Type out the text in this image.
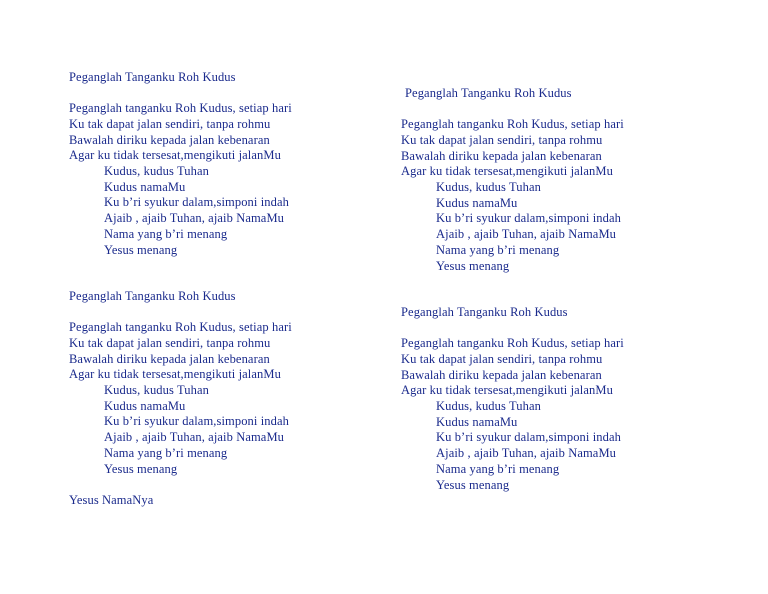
Peganglah Tanganku Roh Kudus
Peganglah tanganku Roh Kudus, setiap hari
Ku tak dapat jalan sendiri, tanpa rohmu
Bawalah diriku kepada jalan kebenaran
Agar ku tidak tersesat,mengikuti jalanMu
Kudus, kudus Tuhan
Kudus namaMu
Ku b’ri syukur dalam,simponi indah
Ajaib , ajaib Tuhan, ajaib NamaMu
Nama yang b’ri menang
Yesus menang
Peganglah Tanganku Roh Kudus
Peganglah tanganku Roh Kudus, setiap hari
Ku tak dapat jalan sendiri, tanpa rohmu
Bawalah diriku kepada jalan kebenaran
Agar ku tidak tersesat,mengikuti jalanMu
Kudus, kudus Tuhan
Kudus namaMu
Ku b’ri syukur dalam,simponi indah
Ajaib , ajaib Tuhan, ajaib NamaMu
Nama yang b’ri menang
Yesus menang
Peganglah Tanganku Roh Kudus
Peganglah tanganku Roh Kudus, setiap hari
Ku tak dapat jalan sendiri, tanpa rohmu
Bawalah diriku kepada jalan kebenaran
Agar ku tidak tersesat,mengikuti jalanMu
Kudus, kudus Tuhan
Kudus namaMu
Ku b’ri syukur dalam,simponi indah
Ajaib , ajaib Tuhan, ajaib NamaMu
Nama yang b’ri menang
Yesus menang
Yesus NamaNya
Peganglah Tanganku Roh Kudus
Peganglah tanganku Roh Kudus, setiap hari
Ku tak dapat jalan sendiri, tanpa rohmu
Bawalah diriku kepada jalan kebenaran
Agar ku tidak tersesat,mengikuti jalanMu
Kudus, kudus Tuhan
Kudus namaMu
Ku b’ri syukur dalam,simponi indah
Ajaib , ajaib Tuhan, ajaib NamaMu
Nama yang b’ri menang
Yesus menang
